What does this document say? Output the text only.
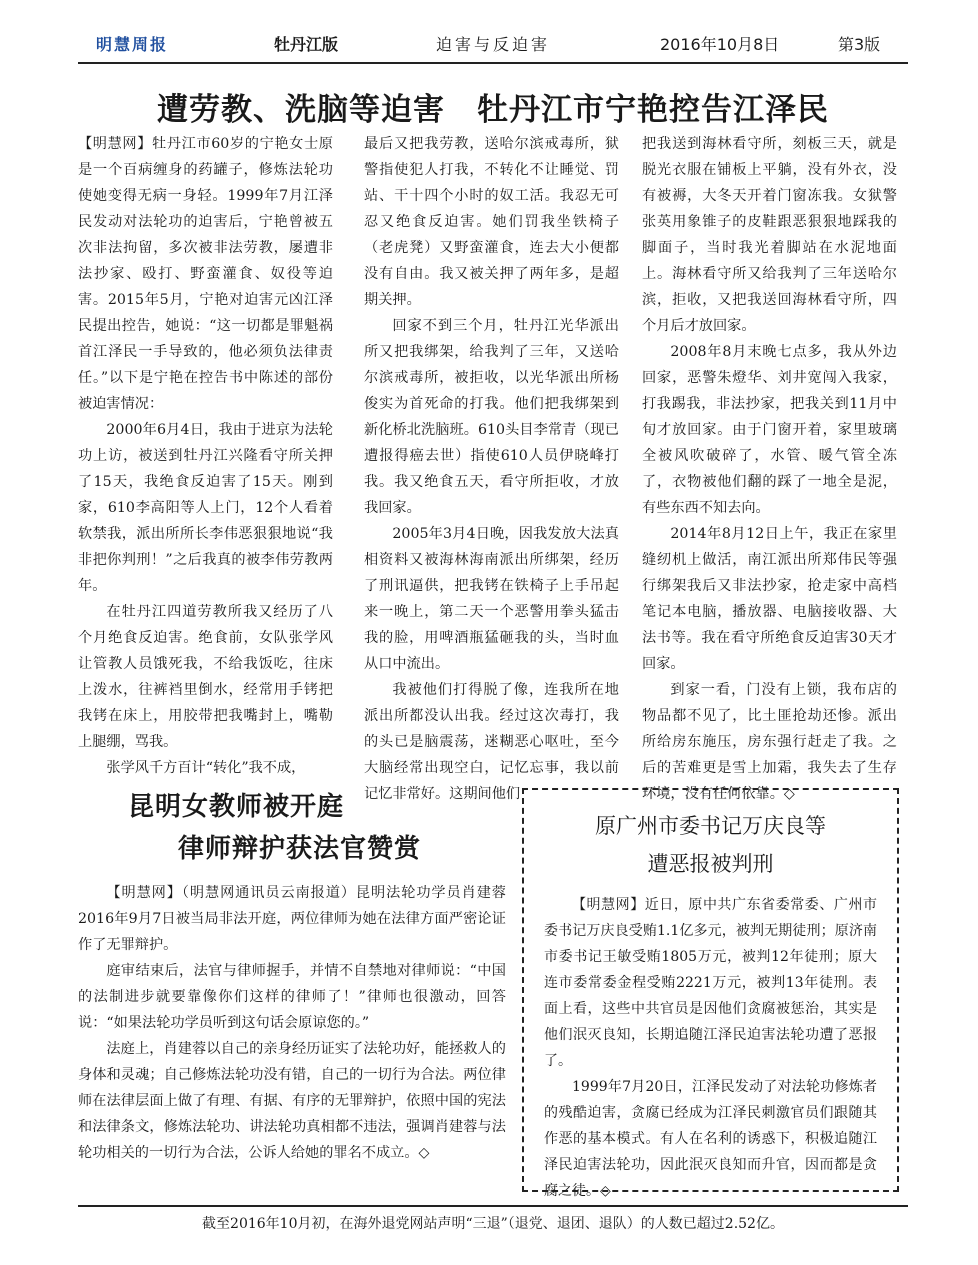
明慧周报	牡丹江版	迫害与反迫害	2016年10月8日	第3版
遭劳教、洗脑等迫害　牡丹江市宁艳控告江泽民

【明慧网】牡丹江市60岁的宁艳女士原是一个百病缠身的药罐子，修炼法轮功使她变得无病一身轻。1999年7月江泽民发动对法轮功的迫害后，宁艳曾被五次非法拘留，多次被非法劳教，屡遭非法抄家、殴打、野蛮灌食、奴役等迫害。2015年5月，宁艳对迫害元凶江泽民提出控告，她说：“这一切都是罪魁祸首江泽民一手导致的，他必须负法律责任。”以下是宁艳在控告书中陈述的部份被迫害情况：

2000年6月4日，我由于进京为法轮功上访，被送到牡丹江兴隆看守所关押了15天，我绝食反迫害了15天。刚到家，610李高阳等人上门，12个人看着软禁我，派出所所长李伟恶狠狠地说“我非把你判刑！”之后我真的被李伟劳教两年。

在牡丹江四道劳教所我又经历了八个月绝食反迫害。绝食前，女队张学风让管教人员饿死我，不给我饭吃，往床上泼水，往裤裆里倒水，经常用手铐把我铐在床上，用胶带把我嘴封上，嘴勒上腿绷，骂我。

张学风千方百计“转化”我不成，

最后又把我劳教，送哈尔滨戒毒所，狱警指使犯人打我，不转化不让睡觉、罚站、干十四个小时的奴工活。我忍无可忍又绝食反迫害。她们罚我坐铁椅子（老虎凳）又野蛮灌食，连去大小便都没有自由。我又被关押了两年多，是超期关押。

回家不到三个月，牡丹江光华派出所又把我绑架，给我判了三年，又送哈尔滨戒毒所，被拒收，以光华派出所杨俊实为首死命的打我。他们把我绑架到新化桥北洗脑班。610头目李常青（现已遭报得癌去世）指使610人员伊晓峰打我。我又绝食五天，看守所拒收，才放我回家。

2005年3月4日晚，因我发放大法真相资料又被海林海南派出所绑架，经历了刑讯逼供，把我铐在铁椅子上手吊起来一晚上，第二天一个恶警用拳头猛击我的脸，用啤酒瓶猛砸我的头，当时血从口中流出。

我被他们打得脱了像，连我所在地派出所都没认出我。经过这次毒打，我的头已是脑震荡，迷糊恶心呕吐，至今大脑经常出现空白，记忆忘事，我以前记忆非常好。这期间他们

把我送到海林看守所，刻板三天，就是脱光衣服在铺板上平躺，没有外衣，没有被褥，大冬天开着门窗冻我。女狱警张英用象锥子的皮鞋跟恶狠狠地踩我的脚面子，当时我光着脚站在水泥地面上。海林看守所又给我判了三年送哈尔滨，拒收，又把我送回海林看守所，四个月后才放回家。

2008年8月末晚七点多，我从外边回家，恶警朱燈华、刘井宽闯入我家，打我踢我，非法抄家，把我关到11月中旬才放回家。由于门窗开着，家里玻璃全被风吹破碎了，水管、暖气管全冻了，衣物被他们翻的踩了一地全是泥，有些东西不知去向。

2014年8月12日上午，我正在家里缝纫机上做活，南江派出所郑伟民等强行绑架我后又非法抄家，抢走家中高档笔记本电脑，播放器、电脑接收器、大法书等。我在看守所绝食反迫害30天才回家。

到家一看，门没有上锁，我布店的物品都不见了，比土匪抢劫还惨。派出所给房东施压，房东强行赶走了我。之后的苦难更是雪上加霜，我失去了生存环境，没有任何依靠。◇

昆明女教师被开庭
律师辩护获法官赞赏

【明慧网】（明慧网通讯员云南报道）昆明法轮功学员肖建蓉2016年9月7日被当局非法开庭，两位律师为她在法律方面严密论证作了无罪辩护。

庭审结束后，法官与律师握手，并情不自禁地对律师说：“中国的法制进步就要靠像你们这样的律师了！”律师也很激动，回答说：“如果法轮功学员听到这句话会原谅您的。”

法庭上，肖建蓉以自己的亲身经历证实了法轮功好，能拯救人的身体和灵魂；自己修炼法轮功没有错，自己的一切行为合法。两位律师在法律层面上做了有理、有据、有序的无罪辩护，依照中国的宪法和法律条文，修炼法轮功、讲法轮功真相都不违法，强调肖建蓉与法轮功相关的一切行为合法，公诉人给她的罪名不成立。◇

原广州市委书记万庆良等
遭恶报被判刑

【明慧网】近日，原中共广东省委常委、广州市委书记万庆良受贿1.1亿多元，被判无期徒刑；原济南市委书记王敏受贿1805万元，被判12年徒刑；原大连市委常委金程受贿2221万元，被判13年徒刑。表面上看，这些中共官员是因他们贪腐被惩治，其实是他们泯灭良知，长期追随江泽民迫害法轮功遭了恶报了。

1999年7月20日，江泽民发动了对法轮功修炼者的残酷迫害，贪腐已经成为江泽民刺激官员们跟随其作恶的基本模式。有人在名利的诱惑下，积极追随江泽民迫害法轮功，因此泯灭良知而升官，因而都是贪腐之徒。◇

截至2016年10月初，在海外退党网站声明“三退”（退党、退团、退队）的人数已超过2.52亿。
